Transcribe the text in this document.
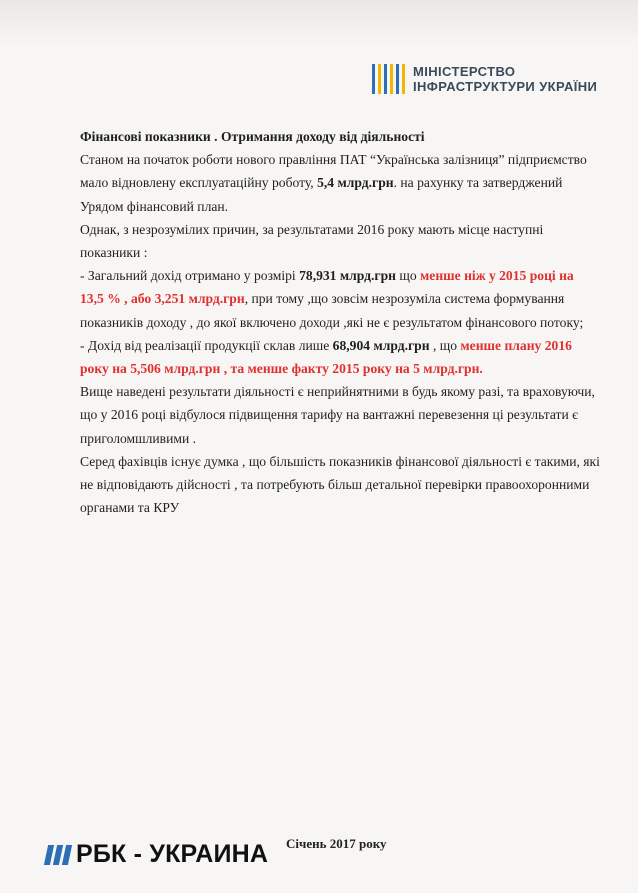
МІНІСТЕРСТВО
ІНФРАСТРУКТУРИ УКРАЇНИ

Фінансові показники . Отримання доходу від діяльності

Станом на початок роботи нового правління ПАТ “Українська залізниця” підприємство мало відновлену експлуатаційну роботу, 5,4 млрд.грн. на рахунку та затверджений Урядом фінансовий план.

Однак, з незрозумілих причин, за результатами 2016 року мають місце наступні показники :

- Загальний дохід отримано у розмірі 78,931 млрд.грн що менше ніж у 2015 році на 13,5 % , або 3,251 млрд.грн, при тому ,що зовсім незрозуміла система формування показників доходу , до якої включено доходи ,які не є результатом фінансового потоку;

- Дохід від реалізації продукції склав лише 68,904 млрд.грн , що менше плану 2016 року на 5,506 млрд.грн , та менше факту 2015 року на 5 млрд.грн.

Вище наведені результати діяльності є неприйнятними в будь якому разі, та враховуючи, що у 2016 році відбулося підвищення тарифу на вантажні перевезення ці результати є приголомшливими .

Серед фахівців існує думка , що більшість показників фінансової діяльності є такими, які не відповідають дійсності , та потребують більш детальної перевірки правоохоронними органами та КРУ

РБК - УКРАИНА Січень 2017 року
